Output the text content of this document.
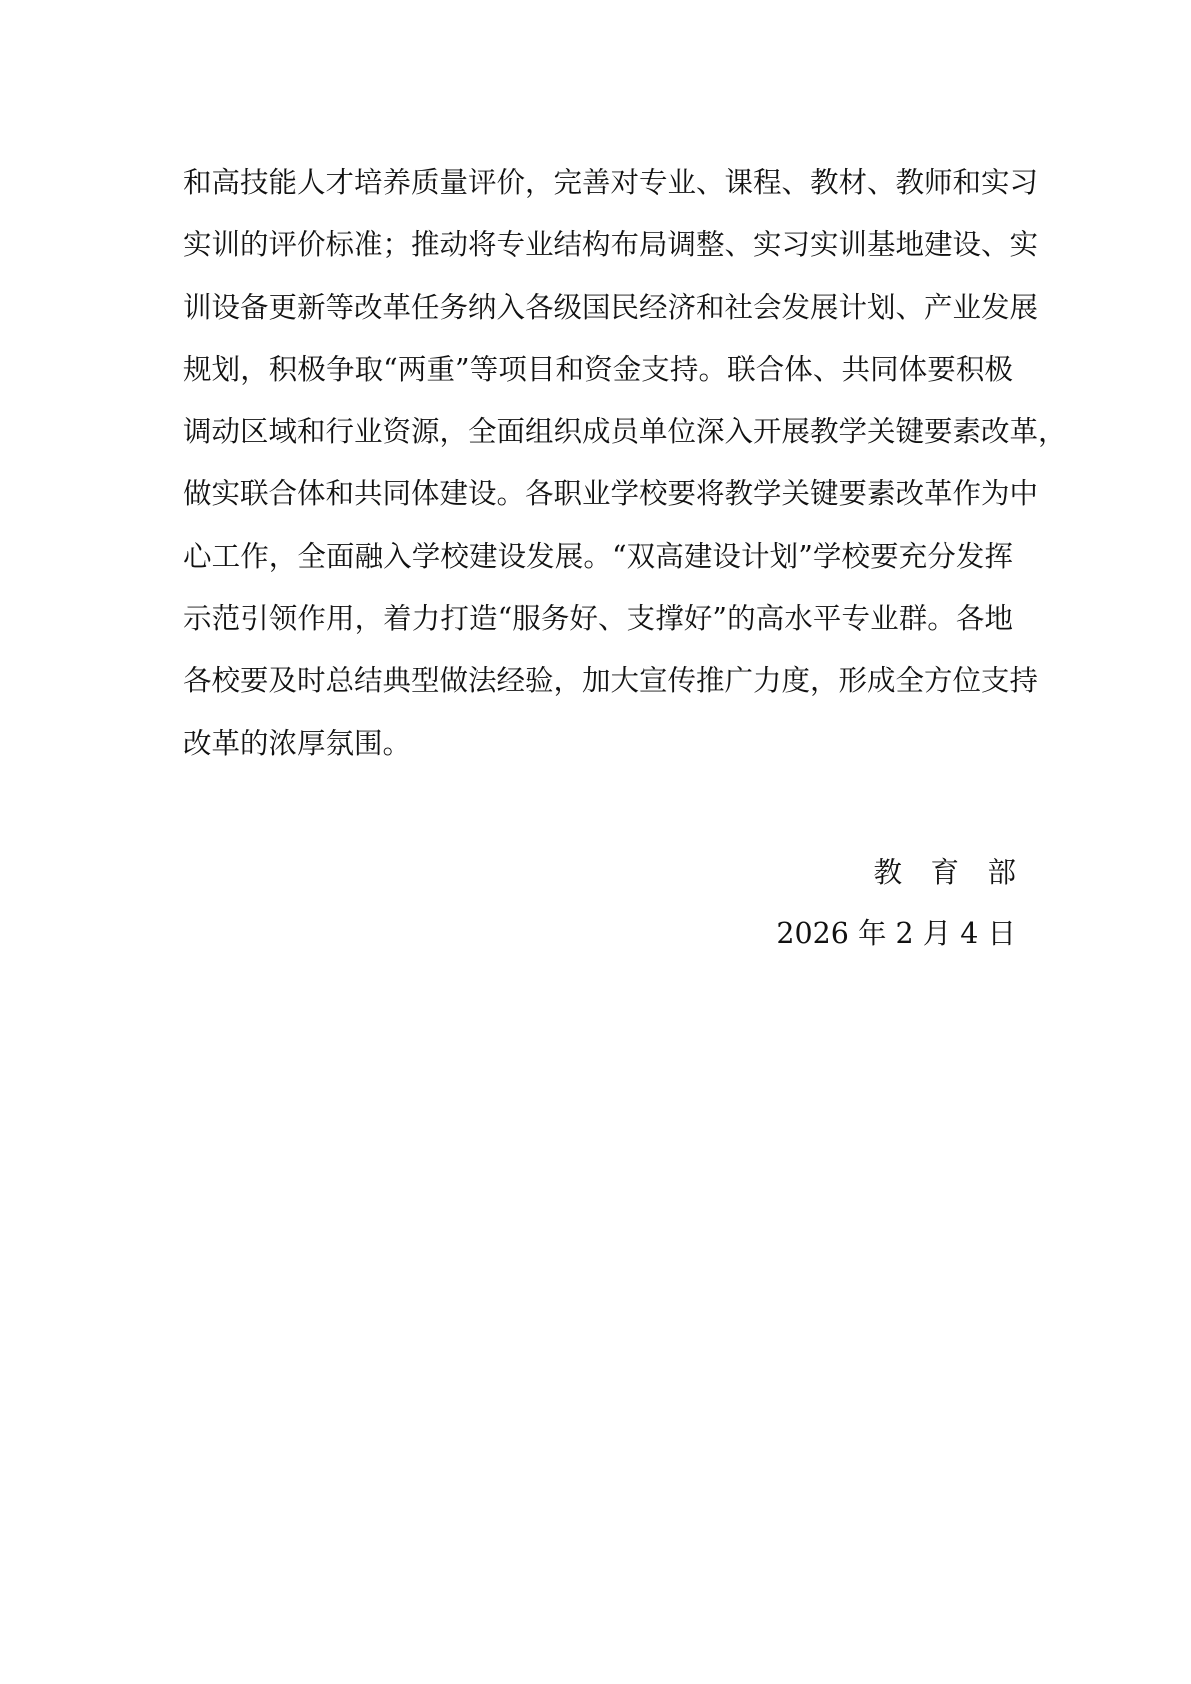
和高技能人才培养质量评价，完善对专业、课程、教材、教师和实习
实训的评价标准；推动将专业结构布局调整、实习实训基地建设、实
训设备更新等改革任务纳入各级国民经济和社会发展计划、产业发展
规划，积极争取“两重”等项目和资金支持。联合体、共同体要积极
调动区域和行业资源，全面组织成员单位深入开展教学关键要素改革，
做实联合体和共同体建设。各职业学校要将教学关键要素改革作为中
心工作，全面融入学校建设发展。“双高建设计划”学校要充分发挥
示范引领作用，着力打造“服务好、支撑好”的高水平专业群。各地
各校要及时总结典型做法经验，加大宣传推广力度，形成全方位支持
改革的浓厚氛围。
教　育　部
2026 年 2 月 4 日
